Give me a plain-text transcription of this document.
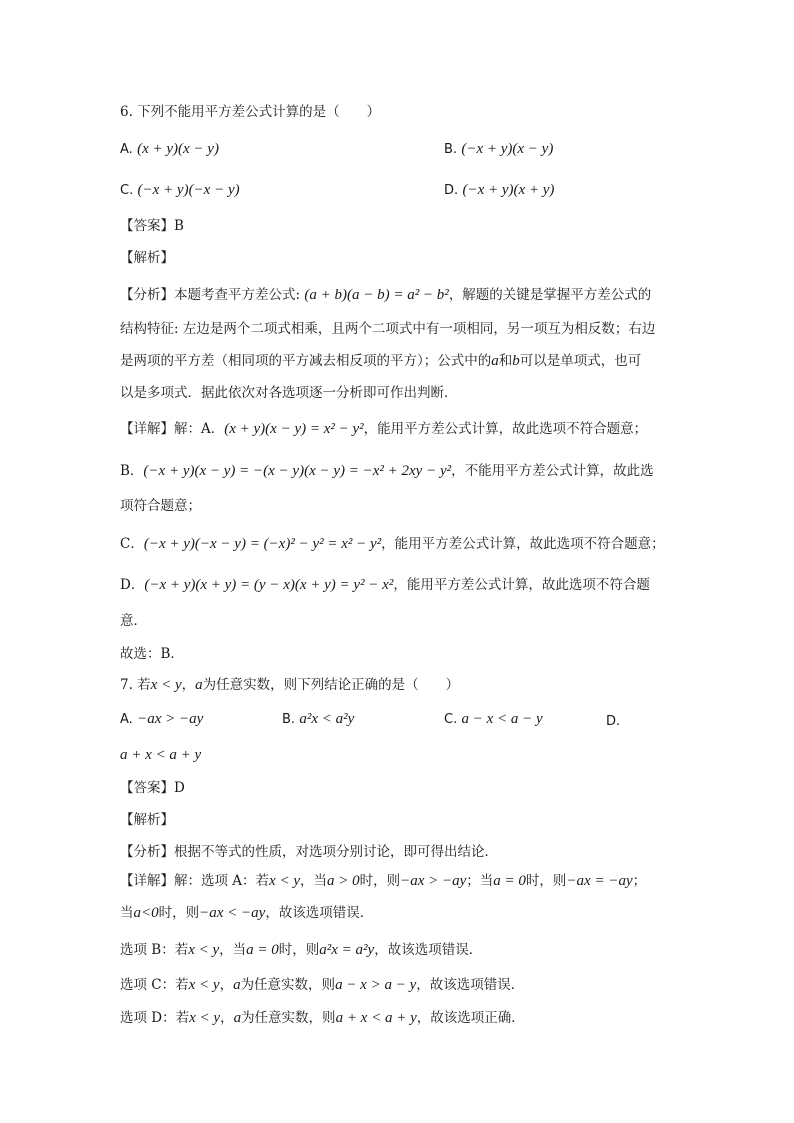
6. 下列不能用平方差公式计算的是（　　）
A. (x + y)(x − y)	B. (−x + y)(x − y)
C. (−x + y)(−x − y)	D. (−x + y)(x + y)
【答案】B
【解析】
【分析】本题考查平方差公式: (a + b)(a − b) = a² − b²，解题的关键是掌握平方差公式的
结构特征: 左边是两个二项式相乘，且两个二项式中有一项相同，另一项互为相反数；右边
是两项的平方差（相同项的平方减去相反项的平方）；公式中的a和b可以是单项式，也可
以是多项式．据此依次对各选项逐一分析即可作出判断．
【详解】解：A．(x + y)(x − y) = x² − y²，能用平方差公式计算，故此选项不符合题意；
B．(−x + y)(x − y) = −(x − y)(x − y) = −x² + 2xy − y²，不能用平方差公式计算，故此选
项符合题意；
C．(−x + y)(−x − y) = (−x)² − y² = x² − y²，能用平方差公式计算，故此选项不符合题意；
D．(−x + y)(x + y) = (y − x)(x + y) = y² − x²，能用平方差公式计算，故此选项不符合题
意．
故选：B．
7. 若x < y，a为任意实数，则下列结论正确的是（　　）
A. −ax > −ay	B. a²x < a²y	C. a − x < a − y	D.
a + x < a + y
【答案】D
【解析】
【分析】根据不等式的性质，对选项分别讨论，即可得出结论．
【详解】解：选项 A：若x < y，当a > 0时，则−ax > −ay；当a = 0时，则−ax = −ay；
当a<0时，则−ax < −ay，故该选项错误．
选项 B：若x < y，当a = 0时，则a²x = a²y，故该选项错误．
选项 C：若x < y，a为任意实数，则a − x > a − y，故该选项错误．
选项 D：若x < y，a为任意实数，则a + x < a + y，故该选项正确．
